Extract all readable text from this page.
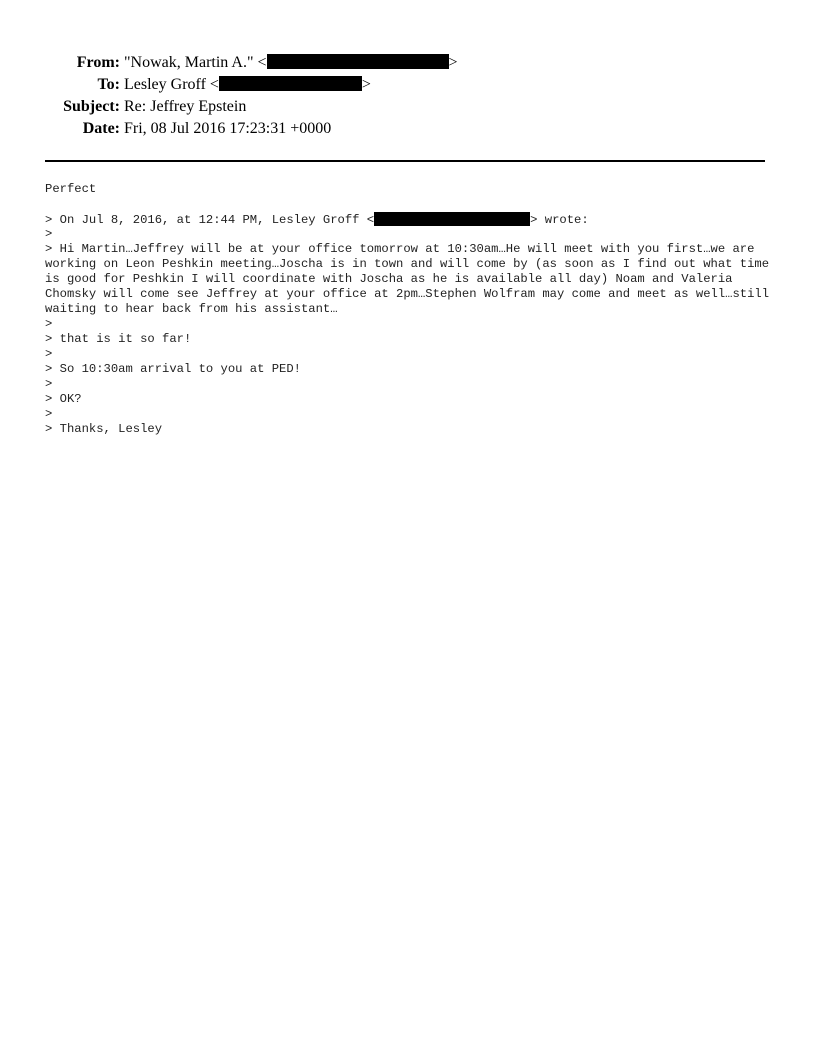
From: "Nowak, Martin A." <	>
To: Lesley Groff <	>
Subject: Re: Jeffrey Epstein
Date: Fri, 08 Jul 2016 17:23:31 +0000
Perfect
> On Jul 8, 2016, at 12:44 PM, Lesley Groff <	> wrote:
>
> Hi Martin…Jeffrey will be at your office tomorrow at 10:30am…He will meet with you first…we are working on Leon Peshkin meeting…Joscha is in town and will come by (as soon as I find out what time is good for Peshkin I will coordinate with Joscha as he is available all day) Noam and Valeria Chomsky will come see Jeffrey at your office at 2pm…Stephen Wolfram may come and meet as well…still waiting to hear back from his assistant…
>
> that is it so far!
>
> So 10:30am arrival to you at PED!
>
> OK?
>
> Thanks, Lesley
